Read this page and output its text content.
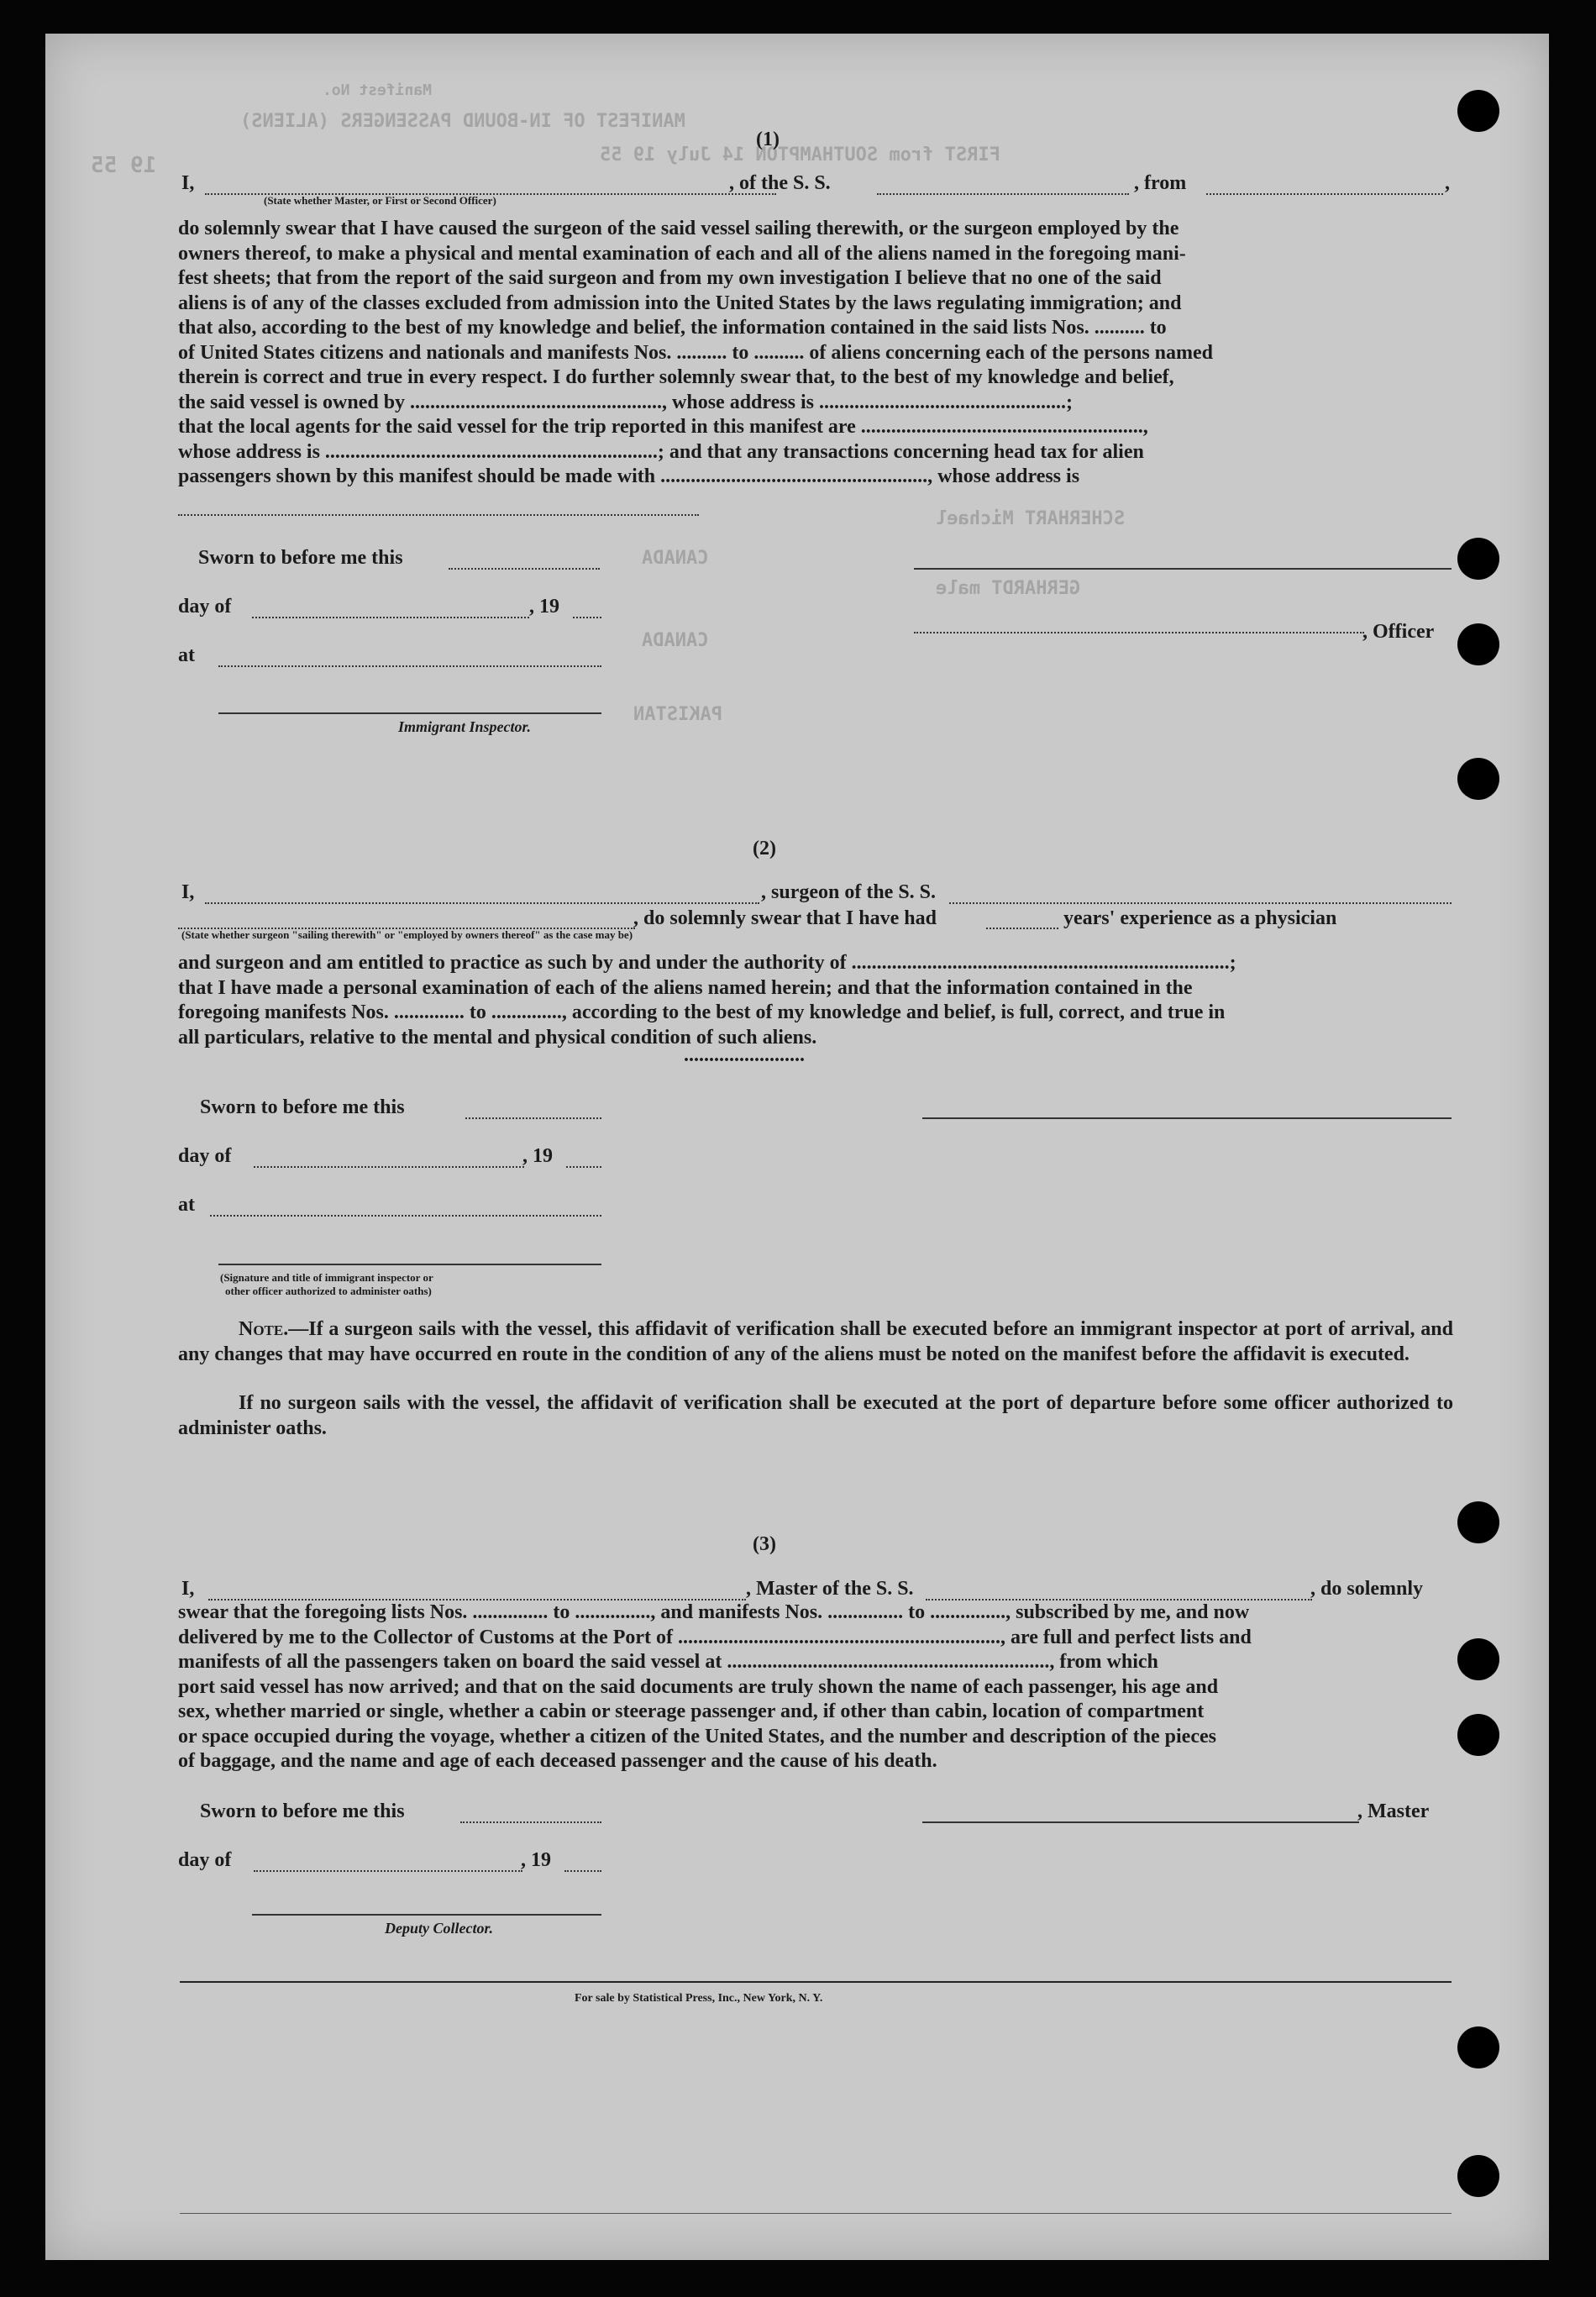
MANIFEST OF IN-BOUND PASSENGERS (ALIENS)
Manifest No.
FIRST from SOUTHAMPTON 14 July 19 55
SCHERHART Michael
GERHARDT male
CANADA
CANADA
PAKISTAN
19 55
(1)
I,
(State whether Master, or First or Second Officer)
, of the S. S.	, from	,
do solemnly swear that I have caused the surgeon of the said vessel sailing therewith, or the surgeon employed by the
owners thereof, to make a physical and mental examination of each and all of the aliens named in the foregoing mani-
fest sheets; that from the report of the said surgeon and from my own investigation I believe that no one of the said
aliens is of any of the classes excluded from admission into the United States by the laws regulating immigration; and
that also, according to the best of my knowledge and belief, the information contained in the said lists Nos. .......... to
of United States citizens and nationals and manifests Nos. .......... to .......... of aliens concerning each of the persons named
therein is correct and true in every respect. I do further solemnly swear that, to the best of my knowledge and belief,
the said vessel is owned by .................................................., whose address is .................................................;
that the local agents for the said vessel for the trip reported in this manifest are ........................................................,
whose address is ..................................................................; and that any transactions concerning head tax for alien
passengers shown by this manifest should be made with ....................................................., whose address is
Sworn to before me this
day of	, 19
at
Immigrant Inspector.
, Officer
(2)
I,	, surgeon of the S. S.
, do solemnly swear that I have had	years' experience as a physician
(State whether surgeon "sailing therewith" or "employed by owners thereof" as the case may be)
and surgeon and am entitled to practice as such by and under the authority of ...........................................................................;
that I have made a personal examination of each of the aliens named herein; and that the information contained in the
foregoing manifests Nos. .............. to .............., according to the best of my knowledge and belief, is full, correct, and true in
all particulars, relative to the mental and physical condition of such aliens.
........................
Sworn to before me this
day of	, 19
at
(Signature and title of immigrant inspector or
other officer authorized to administer oaths)
Note.—If a surgeon sails with the vessel, this affidavit of verification shall be executed before an immigrant inspector at port of arrival, and any changes that may have occurred en route in the condition of any of the aliens must be noted on the manifest before the affidavit is executed.
If no surgeon sails with the vessel, the affidavit of verification shall be executed at the port of departure before some officer authorized to administer oaths.
(3)
I,	, Master of the S. S.	, do solemnly
swear that the foregoing lists Nos. ............... to ..............., and manifests Nos. ............... to ..............., subscribed by me, and now
delivered by me to the Collector of Customs at the Port of ................................................................, are full and perfect lists and
manifests of all the passengers taken on board the said vessel at ................................................................, from which
port said vessel has now arrived; and that on the said documents are truly shown the name of each passenger, his age and
sex, whether married or single, whether a cabin or steerage passenger and, if other than cabin, location of compartment
or space occupied during the voyage, whether a citizen of the United States, and the number and description of the pieces
of baggage, and the name and age of each deceased passenger and the cause of his death.
Sworn to before me this	, Master
day of	, 19
Deputy Collector.
For sale by Statistical Press, Inc., New York, N. Y.
